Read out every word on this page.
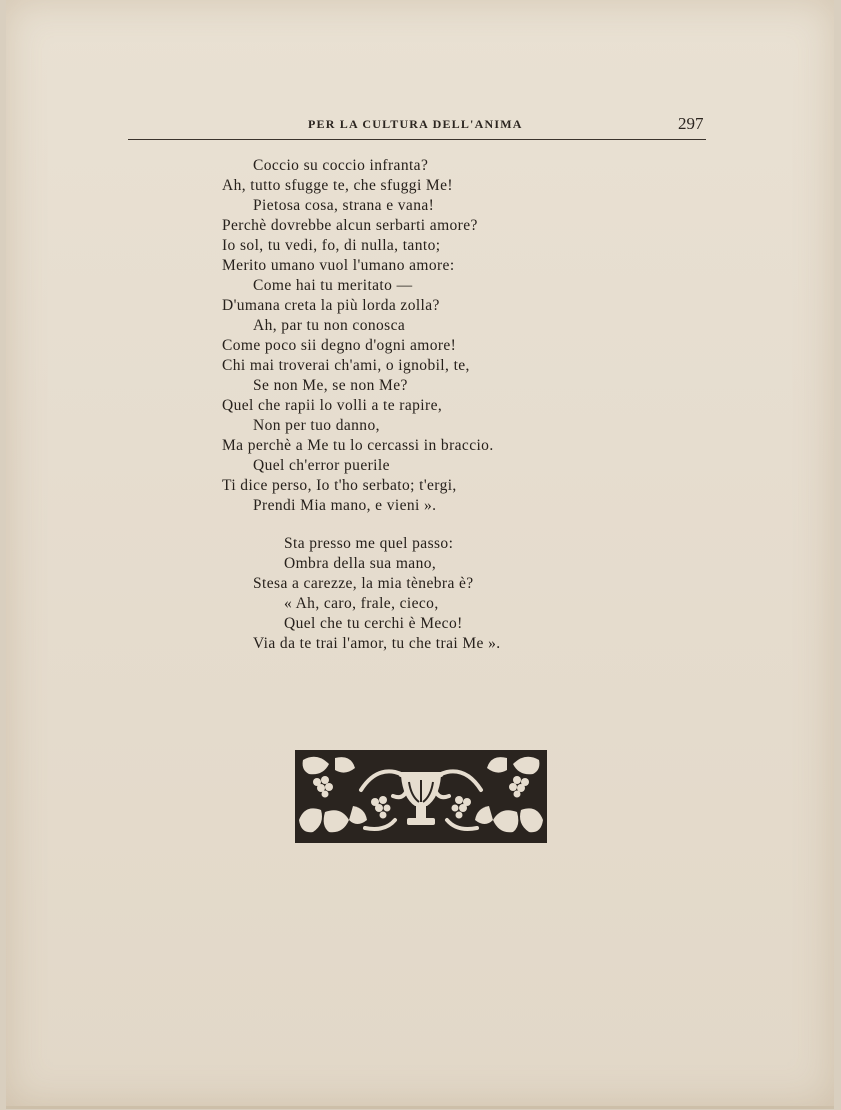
PER LA CULTURA DELL'ANIMA	297
Coccio su coccio infranta?
Ah, tutto sfugge te, che sfuggi Me!
Pietosa cosa, strana e vana!
Perchè dovrebbe alcun serbarti amore?
Io sol, tu vedi, fo, di nulla, tanto;
Merito umano vuol l'umano amore:
Come hai tu meritato —
D'umana creta la più lorda zolla?
Ah, par tu non conosca
Come poco sii degno d'ogni amore!
Chi mai troverai ch'ami, o ignobil, te,
Se non Me, se non Me?
Quel che rapii lo volli a te rapire,
Non per tuo danno,
Ma perchè a Me tu lo cercassi in braccio.
Quel ch'error puerile
Ti dice perso, Io t'ho serbato; t'ergi,
Prendi Mia mano, e vieni ».
Sta presso me quel passo:
Ombra della sua mano,
Stesa a carezze, la mia tènebra è?
« Ah, caro, frale, cieco,
Quel che tu cerchi è Meco!
Via da te trai l'amor, tu che trai Me ».
